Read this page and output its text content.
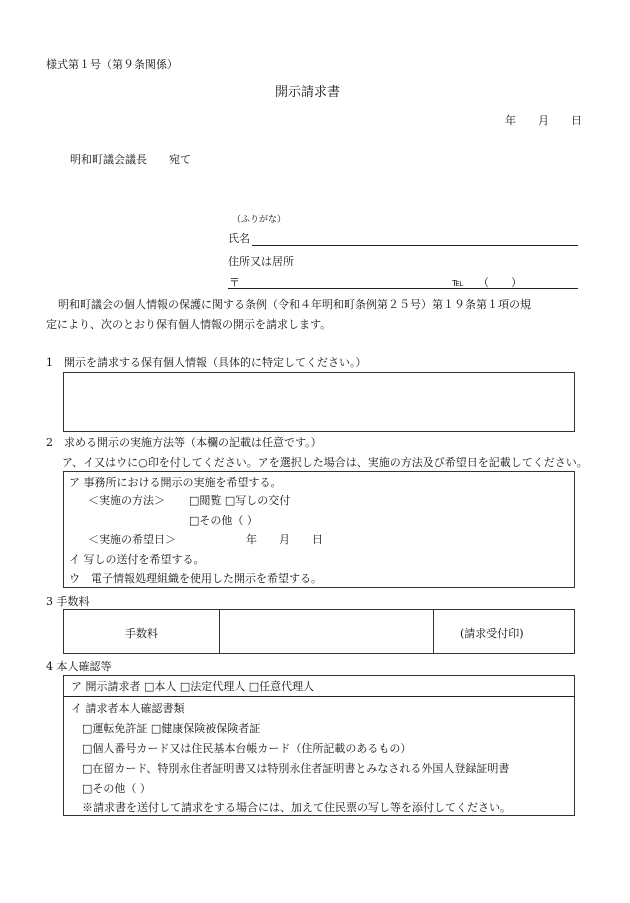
様式第１号（第９条関係）
開示請求書
年　　月　　日
明和町議会議長　　宛て
（ふりがな）
氏名
住所又は居所
〒	℡ （　　）
明和町議会の個人情報の保護に関する条例（令和４年明和町条例第２５号）第１９条第１項の規
定により、次のとおり保有個人情報の開示を請求します。
1　開示を請求する保有個人情報（具体的に特定してください。）
2　求める開示の実施方法等（本欄の記載は任意です。）
ア、イ又はウに○印を付してください。アを選択した場合は、実施の方法及び希望日を記載してください。
ア 事務所における開示の実施を希望する。
＜実施の方法＞ □閲覧 □写しの交付
□その他（ ）
＜実施の希望日＞	年　　月　　日
イ 写しの送付を希望する。
ウ　電子情報処理組織を使用した開示を希望する。
3 手数料
手数料	(請求受付印)
4 本人確認等
ア 開示請求者 □本人 □法定代理人 □任意代理人
イ 請求者本人確認書類
□運転免許証 □健康保険被保険者証
□個人番号カード又は住民基本台帳カード（住所記載のあるもの）
□在留カード、特別永住者証明書又は特別永住者証明書とみなされる外国人登録証明書
□その他（ ）
※請求書を送付して請求をする場合には、加えて住民票の写し等を添付してください。
